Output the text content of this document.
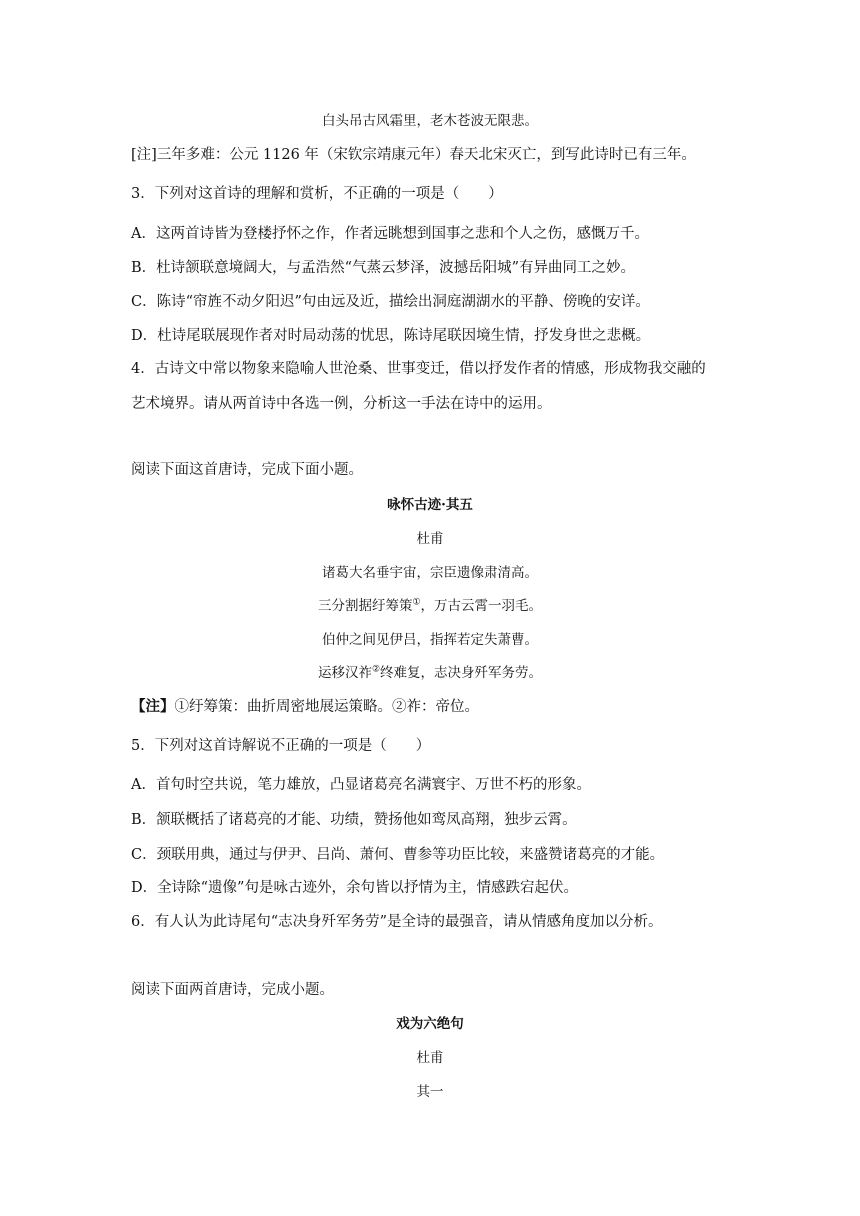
白头吊古风霜里，老木苍波无限悲。
[注]三年多难：公元 1126 年（宋钦宗靖康元年）春天北宋灭亡，到写此诗时已有三年。
3．下列对这首诗的理解和赏析，不正确的一项是（　　）
A．这两首诗皆为登楼抒怀之作，作者远眺想到国事之悲和个人之伤，感慨万千。
B．杜诗颔联意境阔大，与孟浩然“气蒸云梦泽，波撼岳阳城”有异曲同工之妙。
C．陈诗“帘旌不动夕阳迟”句由远及近，描绘出洞庭湖湖水的平静、傍晚的安详。
D．杜诗尾联展现作者对时局动荡的忧思，陈诗尾联因境生情，抒发身世之悲概。
4．古诗文中常以物象来隐喻人世沧桑、世事变迁，借以抒发作者的情感，形成物我交融的
艺术境界。请从两首诗中各选一例，分析这一手法在诗中的运用。
阅读下面这首唐诗，完成下面小题。
咏怀古迹·其五
杜甫
诸葛大名垂宇宙，宗臣遗像肃清高。
三分割据纡筹策①，万古云霄一羽毛。
伯仲之间见伊吕，指挥若定失萧曹。
运移汉祚②终难复，志决身歼军务劳。
【注】①纡筹策：曲折周密地展运策略。②祚：帝位。
5．下列对这首诗解说不正确的一项是（　　）
A．首句时空共说，笔力雄放，凸显诸葛亮名满寰宇、万世不朽的形象。
B．颔联概括了诸葛亮的才能、功绩，赞扬他如鸾凤高翔，独步云霄。
C．颈联用典，通过与伊尹、吕尚、萧何、曹参等功臣比较，来盛赞诸葛亮的才能。
D．全诗除“遗像”句是咏古迹外，余句皆以抒情为主，情感跌宕起伏。
6．有人认为此诗尾句“志决身歼军务劳”是全诗的最强音，请从情感角度加以分析。
阅读下面两首唐诗，完成小题。
戏为六绝句
杜甫
其一
